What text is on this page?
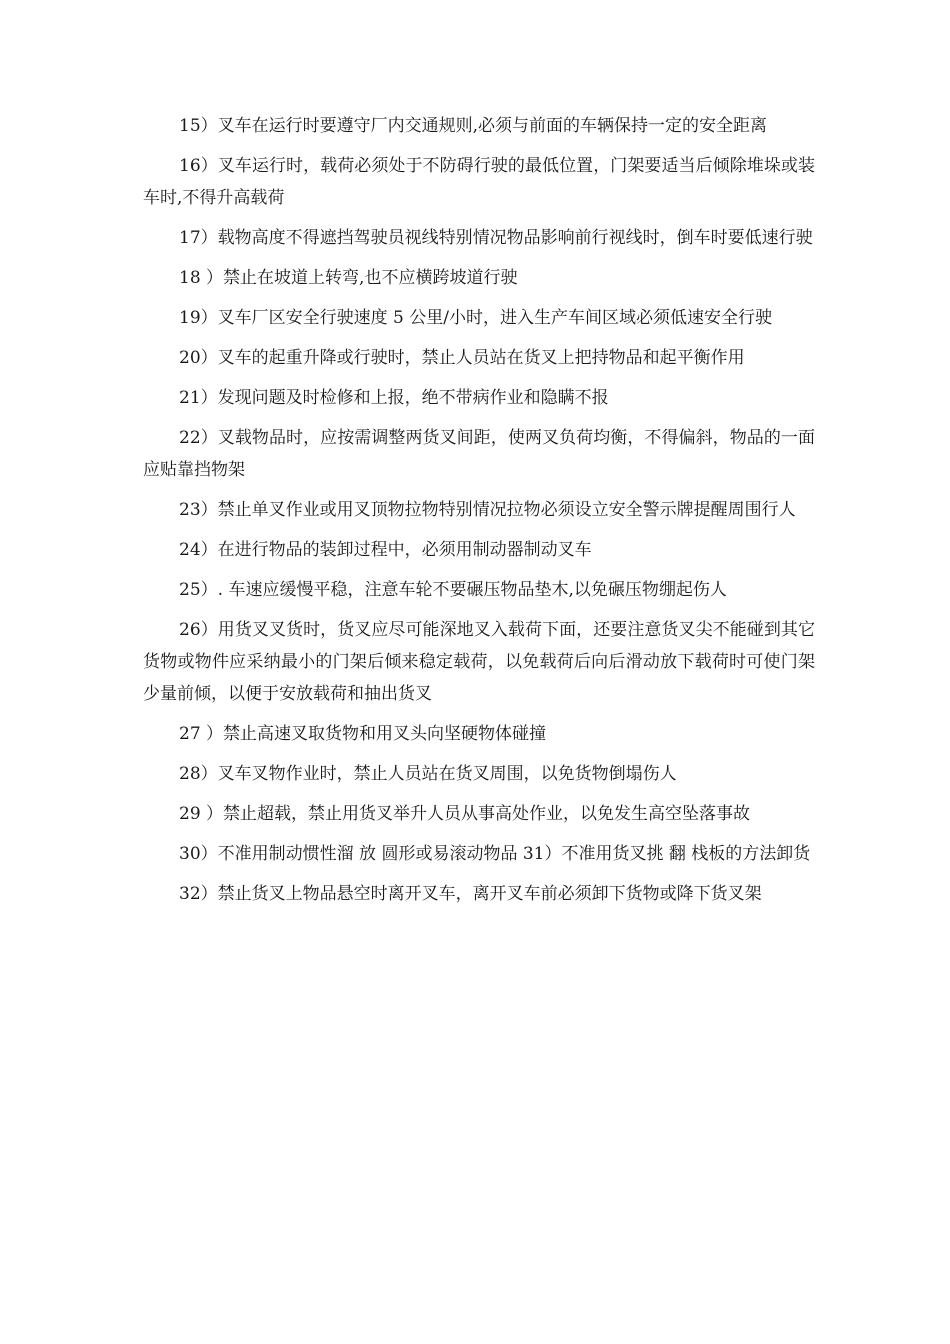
15）叉车在运行时要遵守厂内交通规则,必须与前面的车辆保持一定的安全距离

16）叉车运行时，载荷必须处于不防碍行驶的最低位置，门架要适当后倾除堆垛或装车时,不得升高载荷

17）载物高度不得遮挡驾驶员视线特别情况物品影响前行视线时，倒车时要低速行驶

18 ）禁止在坡道上转弯,也不应横跨坡道行驶

19）叉车厂区安全行驶速度 5 公里/小时，进入生产车间区域必须低速安全行驶

20）叉车的起重升降或行驶时，禁止人员站在货叉上把持物品和起平衡作用

21）发现问题及时检修和上报，绝不带病作业和隐瞒不报

22）叉载物品时，应按需调整两货叉间距，使两叉负荷均衡，不得偏斜，物品的一面应贴靠挡物架

23）禁止单叉作业或用叉顶物拉物特别情况拉物必须设立安全警示牌提醒周围行人

24）在进行物品的装卸过程中，必须用制动器制动叉车

25）. 车速应缓慢平稳，注意车轮不要碾压物品垫木,以免碾压物绷起伤人

26）用货叉叉货时，货叉应尽可能深地叉入载荷下面，还要注意货叉尖不能碰到其它货物或物件应采纳最小的门架后倾来稳定载荷，以免载荷后向后滑动放下载荷时可使门架少量前倾，以便于安放载荷和抽出货叉

27 ）禁止高速叉取货物和用叉头向坚硬物体碰撞

28）叉车叉物作业时，禁止人员站在货叉周围，以免货物倒塌伤人

29 ）禁止超载，禁止用货叉举升人员从事高处作业，以免发生高空坠落事故

30）不准用制动惯性溜 放 圆形或易滚动物品 31）不准用货叉挑 翻 栈板的方法卸货

32）禁止货叉上物品悬空时离开叉车，离开叉车前必须卸下货物或降下货叉架
